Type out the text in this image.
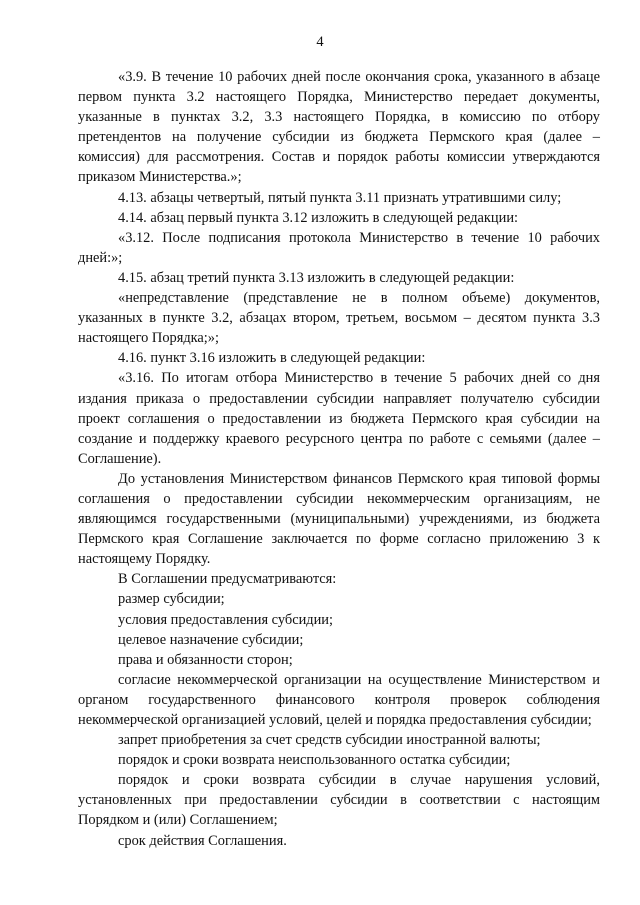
4

«3.9. В течение 10 рабочих дней после окончания срока, указанного в абзаце первом пункта 3.2 настоящего Порядка, Министерство передает документы, указанные в пунктах 3.2, 3.3 настоящего Порядка, в комиссию по отбору претендентов на получение субсидии из бюджета Пермского края (далее – комиссия) для рассмотрения. Состав и порядок работы комиссии утверждаются приказом Министерства.»;

4.13. абзацы четвертый, пятый пункта 3.11 признать утратившими силу;

4.14. абзац первый пункта 3.12 изложить в следующей редакции:

«3.12. После подписания протокола Министерство в течение 10 рабочих дней:»;

4.15. абзац третий пункта 3.13 изложить в следующей редакции:

«непредставление (представление не в полном объеме) документов, указанных в пункте 3.2, абзацах втором, третьем, восьмом – десятом пункта 3.3 настоящего Порядка;»;

4.16. пункт 3.16 изложить в следующей редакции:

«3.16. По итогам отбора Министерство в течение 5 рабочих дней со дня издания приказа о предоставлении субсидии направляет получателю субсидии проект соглашения о предоставлении из бюджета Пермского края субсидии на создание и поддержку краевого ресурсного центра по работе с семьями (далее – Соглашение).

До установления Министерством финансов Пермского края типовой формы соглашения о предоставлении субсидии некоммерческим организациям, не являющимся государственными (муниципальными) учреждениями, из бюджета Пермского края Соглашение заключается по форме согласно приложению 3 к настоящему Порядку.

В Соглашении предусматриваются:

размер субсидии;

условия предоставления субсидии;

целевое назначение субсидии;

права и обязанности сторон;

согласие некоммерческой организации на осуществление Министерством и органом государственного финансового контроля проверок соблюдения некоммерческой организацией условий, целей и порядка предоставления субсидии;

запрет приобретения за счет средств субсидии иностранной валюты;

порядок и сроки возврата неиспользованного остатка субсидии;

порядок и сроки возврата субсидии в случае нарушения условий, установленных при предоставлении субсидии в соответствии с настоящим Порядком и (или) Соглашением;

срок действия Соглашения.
